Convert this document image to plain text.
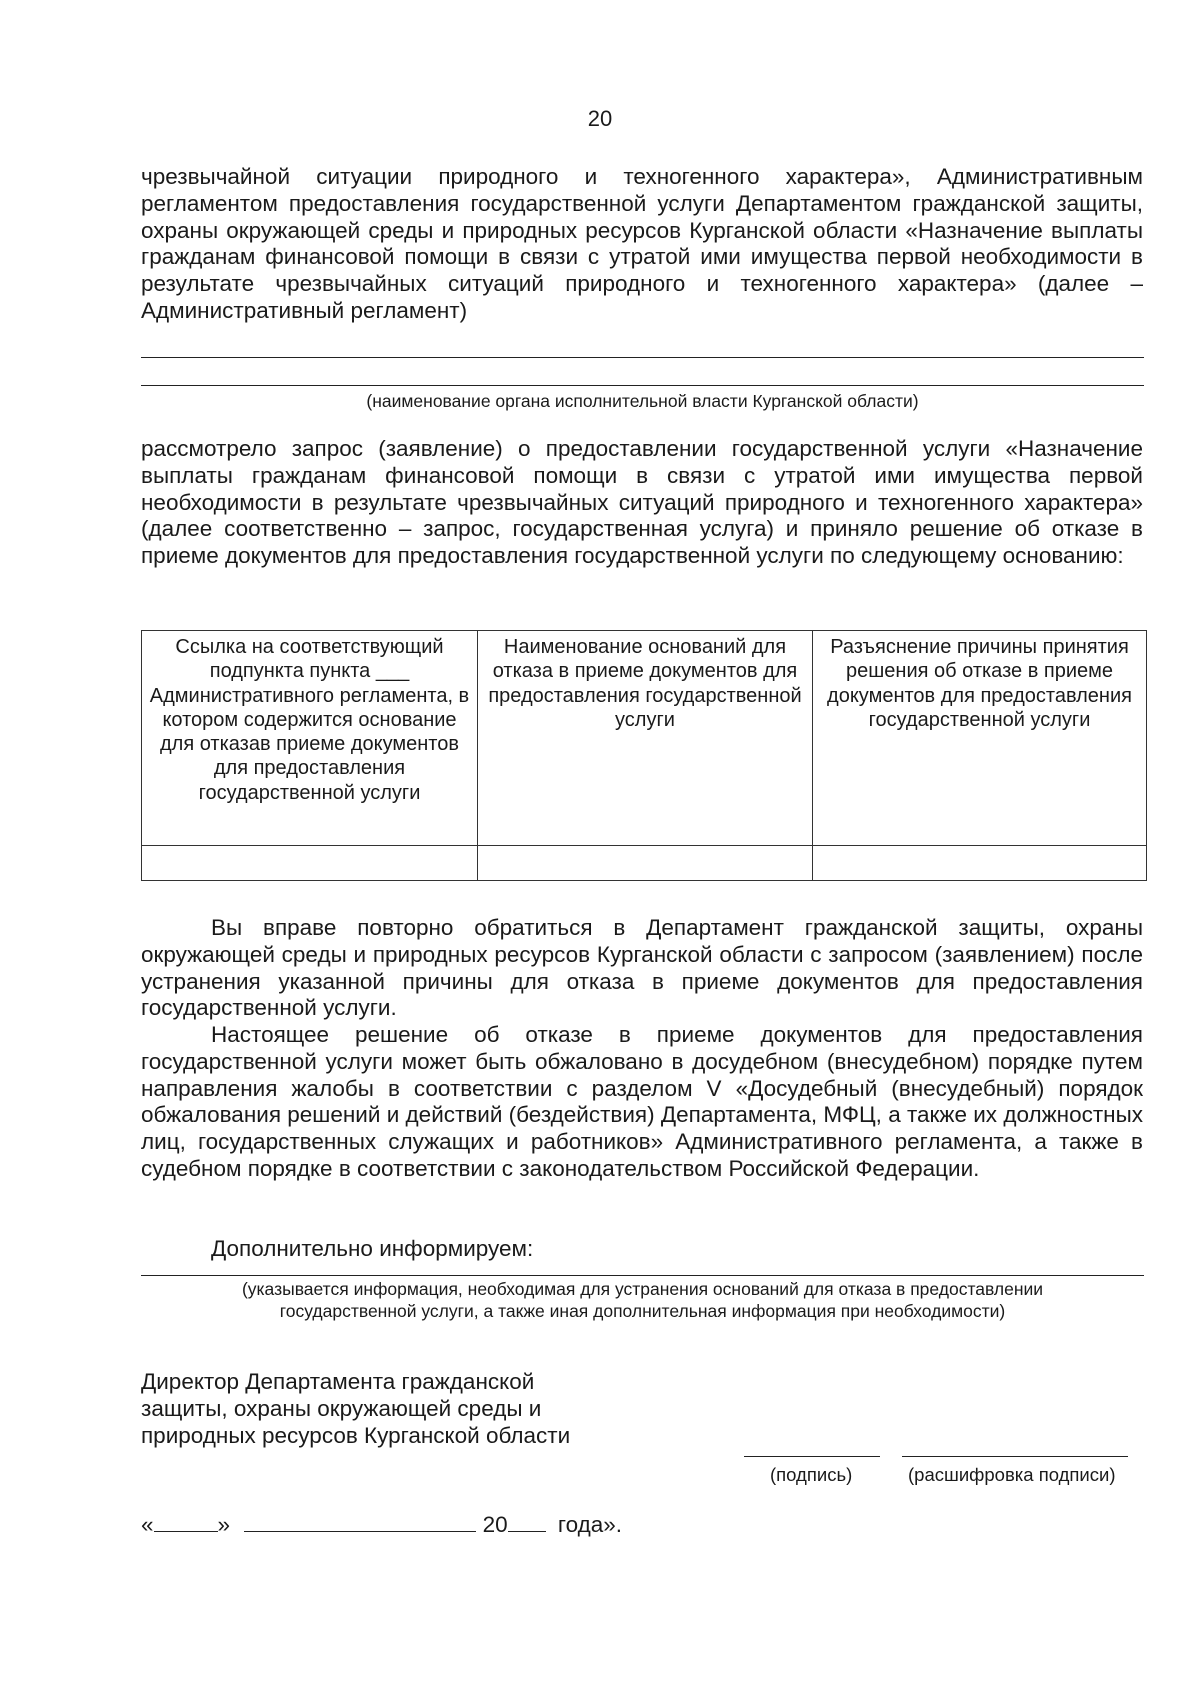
20

чрезвычайной ситуации природного и техногенного характера», Административным регламентом предоставления государственной услуги Департаментом гражданской защиты, охраны окружающей среды и природных ресурсов Курганской области «Назначение выплаты гражданам финансовой помощи в связи с утратой ими имущества первой необходимости в результате чрезвычайных ситуаций природного и техногенного характера» (далее – Административный регламент)

(наименование органа исполнительной власти Курганской области)

рассмотрело запрос (заявление) о предоставлении государственной услуги «Назначение выплаты гражданам финансовой помощи в связи с утратой ими имущества первой необходимости в результате чрезвычайных ситуаций природного и техногенного характера» (далее соответственно – запрос, государственная услуга) и приняло решение об отказе в приеме документов для предоставления государственной услуги по следующему основанию:

Ссылка на соответствующий подпункта пункта ___ Административного регламента, в котором содержится основание для отказав приеме документов для предоставления государственной услуги	Наименование оснований для отказа в приеме документов для предоставления государственной услуги	Разъяснение причины принятия решения об отказе в приеме документов для предоставления государственной услуги

Вы вправе повторно обратиться в Департамент гражданской защиты, охраны окружающей среды и природных ресурсов Курганской области с запросом (заявлением) после устранения указанной причины для отказа в приеме документов для предоставления государственной услуги.

Настоящее решение об отказе в приеме документов для предоставления государственной услуги может быть обжаловано в досудебном (внесудебном) порядке путем направления жалобы в соответствии с разделом V «Досудебный (внесудебный) порядок обжалования решений и действий (бездействия) Департамента, МФЦ, а также их должностных лиц, государственных служащих и работников» Административного регламента, а также в судебном порядке в соответствии с законодательством Российской Федерации.

Дополнительно информируем:

(указывается информация, необходимая для устранения оснований для отказа в предоставлении
государственной услуги, а также иная дополнительная информация при необходимости)
Директор Департамента гражданской
защиты, охраны окружающей среды и
природных ресурсов Курганской области
(подпись)	(расшифровка подписи)
«	»	20 года».
